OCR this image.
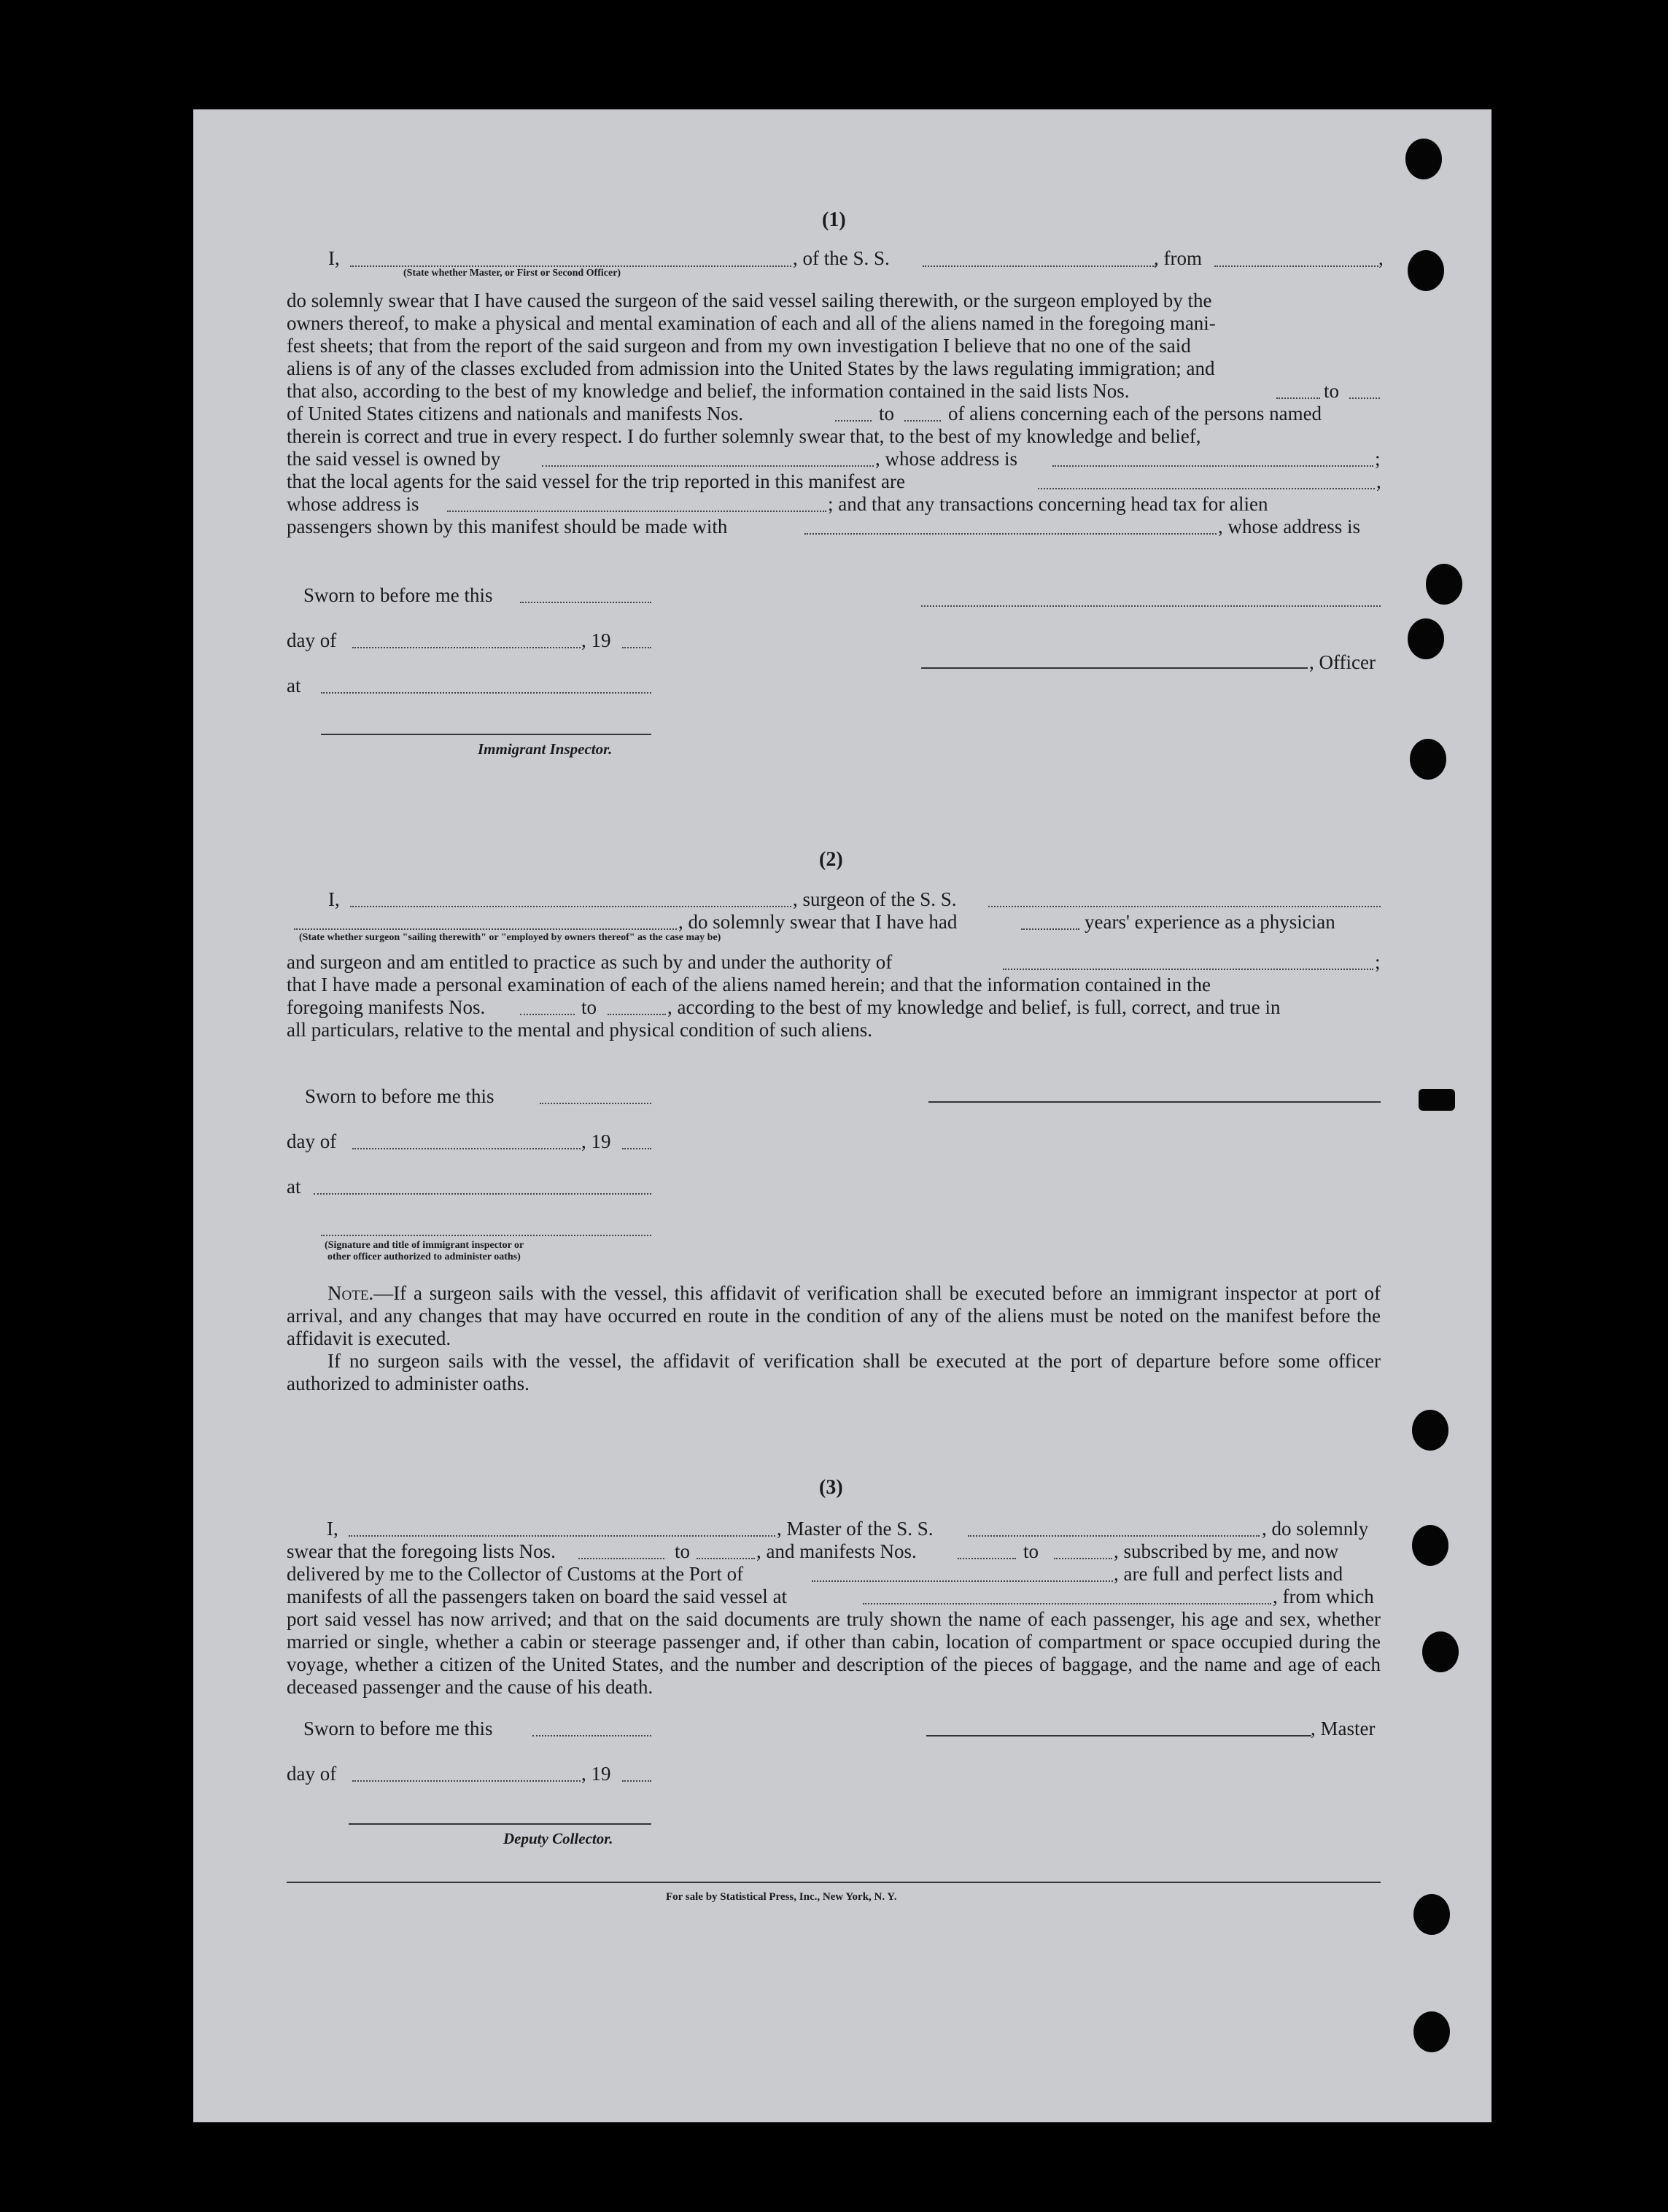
(1)
I,	, of the S. S.	, from	,
(State whether Master, or First or Second Officer)
do solemnly swear that I have caused the surgeon of the said vessel sailing therewith, or the surgeon employed by the
owners thereof, to make a physical and mental examination of each and all of the aliens named in the foregoing mani-
fest sheets; that from the report of the said surgeon and from my own investigation I believe that no one of the said
aliens is of any of the classes excluded from admission into the United States by the laws regulating immigration; and
that also, according to the best of my knowledge and belief, the information contained in the said lists Nos.	to
of United States citizens and nationals and manifests Nos.	to	of aliens concerning each of the persons named
therein is correct and true in every respect. I do further solemnly swear that, to the best of my knowledge and belief,
the said vessel is owned by	, whose address is	;
that the local agents for the said vessel for the trip reported in this manifest are	,
whose address is	; and that any transactions concerning head tax for alien
passengers shown by this manifest should be made with	, whose address is
Sworn to before me this
day of	, 19
, Officer
at
Immigrant Inspector.
(2)
I,	, surgeon of the S. S.
, do solemnly swear that I have had	years' experience as a physician
(State whether surgeon "sailing therewith" or "employed by owners thereof" as the case may be)
and surgeon and am entitled to practice as such by and under the authority of	;
that I have made a personal examination of each of the aliens named herein; and that the information contained in the
foregoing manifests Nos.	to	, according to the best of my knowledge and belief, is full, correct, and true in
all particulars, relative to the mental and physical condition of such aliens.
Sworn to before me this
day of	, 19
at
(Signature and title of immigrant inspector or
other officer authorized to administer oaths)

Note.—If a surgeon sails with the vessel, this affidavit of verification shall be executed before an immigrant inspector at port of arrival, and any changes that may have occurred en route in the condition of any of the aliens must be noted on the manifest before the affidavit is executed.

If no surgeon sails with the vessel, the affidavit of verification shall be executed at the port of departure before some officer authorized to administer oaths.

(3)
I,	, Master of the S. S.	, do solemnly
swear that the foregoing lists Nos.	to	, and manifests Nos.	to	, subscribed by me, and now
delivered by me to the Collector of Customs at the Port of	, are full and perfect lists and
manifests of all the passengers taken on board the said vessel at	, from which
port said vessel has now arrived; and that on the said documents are truly shown the name of each passenger, his age and sex, whether married or single, whether a cabin or steerage passenger and, if other than cabin, location of compartment or space occupied during the voyage, whether a citizen of the United States, and the number and description of the pieces of baggage, and the name and age of each deceased passenger and the cause of his death.
Sworn to before me this	, Master
day of	, 19
Deputy Collector.
For sale by Statistical Press, Inc., New York, N. Y.
